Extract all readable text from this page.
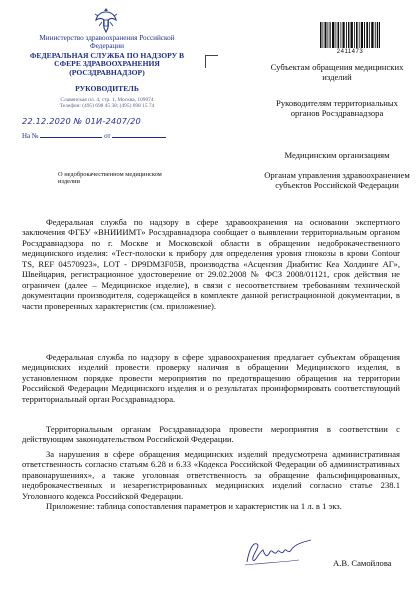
Министерство здравоохранения Российской Федерации
ФЕДЕРАЛЬНАЯ СЛУЖБА ПО НАДЗОРУ В СФЕРЕ ЗДРАВООХРАНЕНИЯ
(РОСЗДРАВНАДЗОР)
РУКОВОДИТЕЛЬ
Славянская пл. 4, стр. 1, Москва, 109074
Телефон: (495) 698 45 38; (495) 698 15 74
22.12.2020 № 01И-2407/20
На №	от
2411473
Субъектам обращения медицинских изделий
Руководителям территориальных органов Росздравнадзора
Медицинским организациям
Органам управления здравоохранением субъектов Российской Федерации
О недоброкачественном медицинском изделии

Федеральная служба по надзору в сфере здравоохранения на основании экспертного заключения ФГБУ «ВНИИИМТ» Росздравнадзора сообщает о выявлении территориальным органом Росздравнадзора по г. Москве и Московской области в обращении недоброкачественного медицинского изделия: «Тест-полоски к прибору для определения уровня глюкозы в крови Contour TS, REF 04570923», LOT - DP9DM3F05B, производства «Асцензия Диабитис Кеа Холдинге АГ», Швейцария, регистрационное удостоверение от 29.02.2008 № ФСЗ 2008/01121, срок действия не ограничен (далее – Медицинское изделие), в связи с несоответствием требованиям технической документации производителя, содержащейся в комплекте данной регистрационной документации, в части проверенных характеристик (см. приложение).

Федеральная служба по надзору в сфере здравоохранения предлагает субъектам обращения медицинских изделий провести проверку наличия в обращении Медицинского изделия, в установленном порядке провести мероприятия по предотвращению обращения на территории Российской Федерации Медицинского изделия и о результатах проинформировать соответствующий территориальный орган Росздравнадзора.

Территориальным органам Росздравнадзора провести мероприятия в соответствии с действующим законодательством Российской Федерации.

За нарушения в сфере обращения медицинских изделий предусмотрена административная ответственность согласно статьям 6.28 и 6.33 «Кодекса Российской Федерации об административных правонарушениях», а также уголовная ответственность за обращение фальсифицированных, недоброкачественных и незарегистрированных медицинских изделий согласно статье 238.1 Уголовного кодекса Российской Федерации.

Приложение: таблица сопоставления параметров и характеристик на 1 л. в 1 экз.

А.В. Самойлова
